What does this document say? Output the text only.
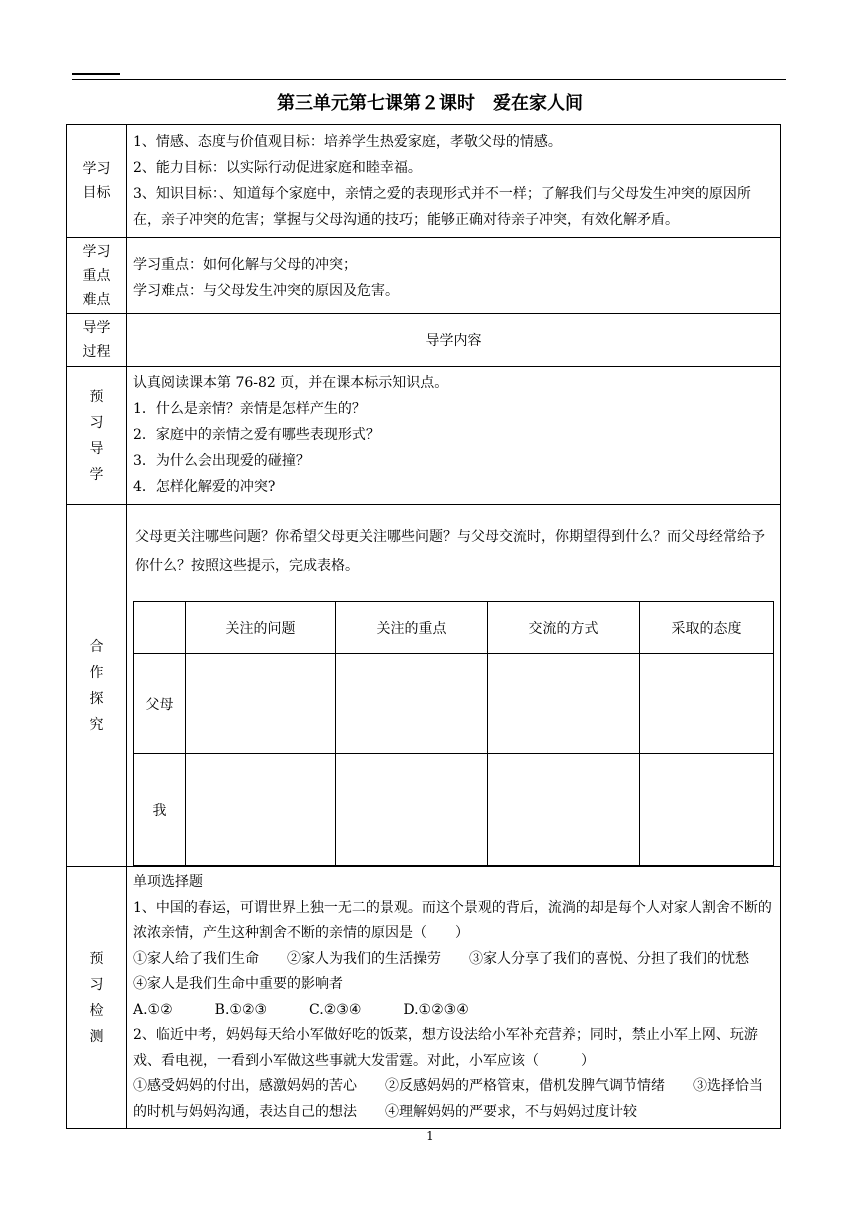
第三单元第七课第２课时　爱在家人间
学习
目标

1、情感、态度与价值观目标：培养学生热爱家庭，孝敬父母的情感。

2、能力目标：以实际行动促进家庭和睦幸福。

3、知识目标：、知道每个家庭中，亲情之爱的表现形式并不一样；了解我们与父母发生冲突的原因所在，亲子冲突的危害；掌握与父母沟通的技巧；能够正确对待亲子冲突，有效化解矛盾。

学习
重点
难点

学习重点：如何化解与父母的冲突；

学习难点：与父母发生冲突的原因及危害。

导学
过程
	导学内容

预
习
导
学

认真阅读课本第 76-82 页，并在课本标示知识点。

1．什么是亲情？亲情是怎样产生的？

2．家庭中的亲情之爱有哪些表现形式？

3．为什么会出现爱的碰撞？

4．怎样化解爱的冲突?

合
作
探
究

父母更关注哪些问题？你希望父母更关注哪些问题？与父母交流时，你期望得到什么？而父母经常给予你什么？按照这些提示，完成表格。
	关注的问题	关注的重点	交流的方式	采取的态度
父母				
我				

预
习
检
测

单项选择题

1、中国的春运，可谓世界上独一无二的景观。而这个景观的背后，流淌的却是每个人对家人割舍不断的浓浓亲情，产生这种割舍不断的亲情的原因是（　　）

①家人给了我们生命　　②家人为我们的生活操劳　　③家人分享了我们的喜悦、分担了我们的忧愁　　④家人是我们生命中重要的影响者

A.①②　　　B.①②③　　　C.②③④　　　D.①②③④

2、临近中考，妈妈每天给小军做好吃的饭菜，想方设法给小军补充营养；同时，禁止小军上网、玩游戏、看电视，一看到小军做这些事就大发雷霆。对此，小军应该（　　　）

①感受妈妈的付出，感激妈妈的苦心　　②反感妈妈的严格管束，借机发脾气调节情绪　　③选择恰当的时机与妈妈沟通，表达自己的想法　　④理解妈妈的严要求，不与妈妈过度计较

1
